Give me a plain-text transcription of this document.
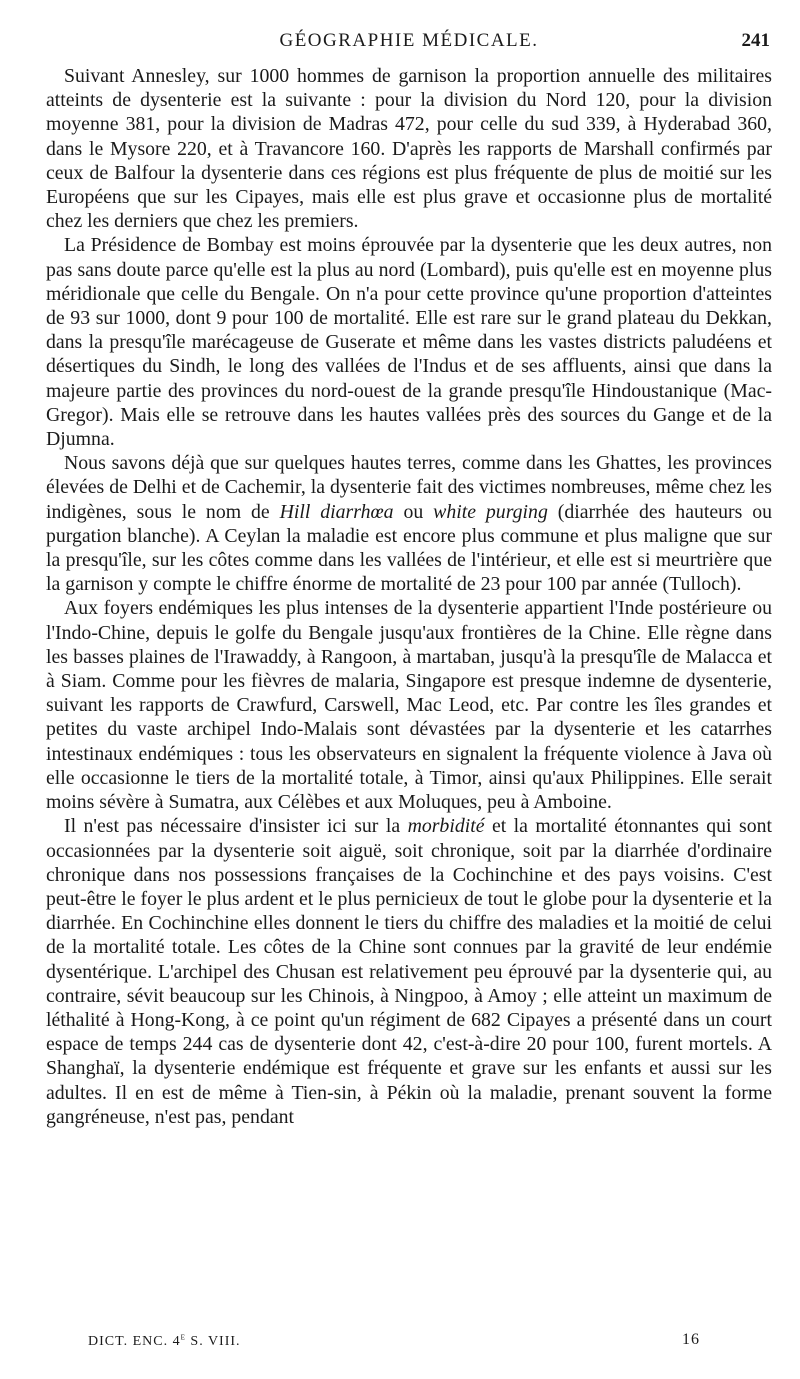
GÉOGRAPHIE MÉDICALE.	241

Suivant Annesley, sur 1000 hommes de garnison la proportion annuelle des militaires atteints de dysenterie est la suivante : pour la division du Nord 120, pour la division moyenne 381, pour la division de Madras 472, pour celle du sud 339, à Hyderabad 360, dans le Mysore 220, et à Travancore 160. D'après les rapports de Marshall confirmés par ceux de Balfour la dysenterie dans ces régions est plus fréquente de plus de moitié sur les Européens que sur les Cipayes, mais elle est plus grave et occasionne plus de mortalité chez les derniers que chez les premiers.

La Présidence de Bombay est moins éprouvée par la dysenterie que les deux autres, non pas sans doute parce qu'elle est la plus au nord (Lombard), puis qu'elle est en moyenne plus méridionale que celle du Bengale. On n'a pour cette province qu'une proportion d'atteintes de 93 sur 1000, dont 9 pour 100 de mortalité. Elle est rare sur le grand plateau du Dekkan, dans la presqu'île marécageuse de Guserate et même dans les vastes districts paludéens et désertiques du Sindh, le long des vallées de l'Indus et de ses affluents, ainsi que dans la majeure partie des provinces du nord-ouest de la grande presqu'île Hindoustanique (Mac-Gregor). Mais elle se retrouve dans les hautes vallées près des sources du Gange et de la Djumna.

Nous savons déjà que sur quelques hautes terres, comme dans les Ghattes, les provinces élevées de Delhi et de Cachemir, la dysenterie fait des victimes nombreuses, même chez les indigènes, sous le nom de Hill diarrhœa ou white purging (diarrhée des hauteurs ou purgation blanche). A Ceylan la maladie est encore plus commune et plus maligne que sur la presqu'île, sur les côtes comme dans les vallées de l'intérieur, et elle est si meurtrière que la garnison y compte le chiffre énorme de mortalité de 23 pour 100 par année (Tulloch).

Aux foyers endémiques les plus intenses de la dysenterie appartient l'Inde postérieure ou l'Indo-Chine, depuis le golfe du Bengale jusqu'aux frontières de la Chine. Elle règne dans les basses plaines de l'Irawaddy, à Rangoon, à martaban, jusqu'à la presqu'île de Malacca et à Siam. Comme pour les fièvres de malaria, Singapore est presque indemne de dysenterie, suivant les rapports de Crawfurd, Carswell, Mac Leod, etc. Par contre les îles grandes et petites du vaste archipel Indo-Malais sont dévastées par la dysenterie et les catarrhes intestinaux endémiques : tous les observateurs en signalent la fréquente violence à Java où elle occasionne le tiers de la mortalité totale, à Timor, ainsi qu'aux Philippines. Elle serait moins sévère à Sumatra, aux Célèbes et aux Moluques, peu à Amboine.

Il n'est pas nécessaire d'insister ici sur la morbidité et la mortalité étonnantes qui sont occasionnées par la dysenterie soit aiguë, soit chronique, soit par la diarrhée d'ordinaire chronique dans nos possessions françaises de la Cochinchine et des pays voisins. C'est peut-être le foyer le plus ardent et le plus pernicieux de tout le globe pour la dysenterie et la diarrhée. En Cochinchine elles donnent le tiers du chiffre des maladies et la moitié de celui de la mortalité totale. Les côtes de la Chine sont connues par la gravité de leur endémie dysentérique. L'archipel des Chusan est relativement peu éprouvé par la dysenterie qui, au contraire, sévit beaucoup sur les Chinois, à Ningpoo, à Amoy ; elle atteint un maximum de léthalité à Hong-Kong, à ce point qu'un régiment de 682 Cipayes a présenté dans un court espace de temps 244 cas de dysenterie dont 42, c'est-à-dire 20 pour 100, furent mortels. A Shanghaï, la dysenterie endémique est fréquente et grave sur les enfants et aussi sur les adultes. Il en est de même à Tien-sin, à Pékin où la maladie, prenant souvent la forme gangréneuse, n'est pas, pendant

DICT. ENC. 4e S. VIII.	16
